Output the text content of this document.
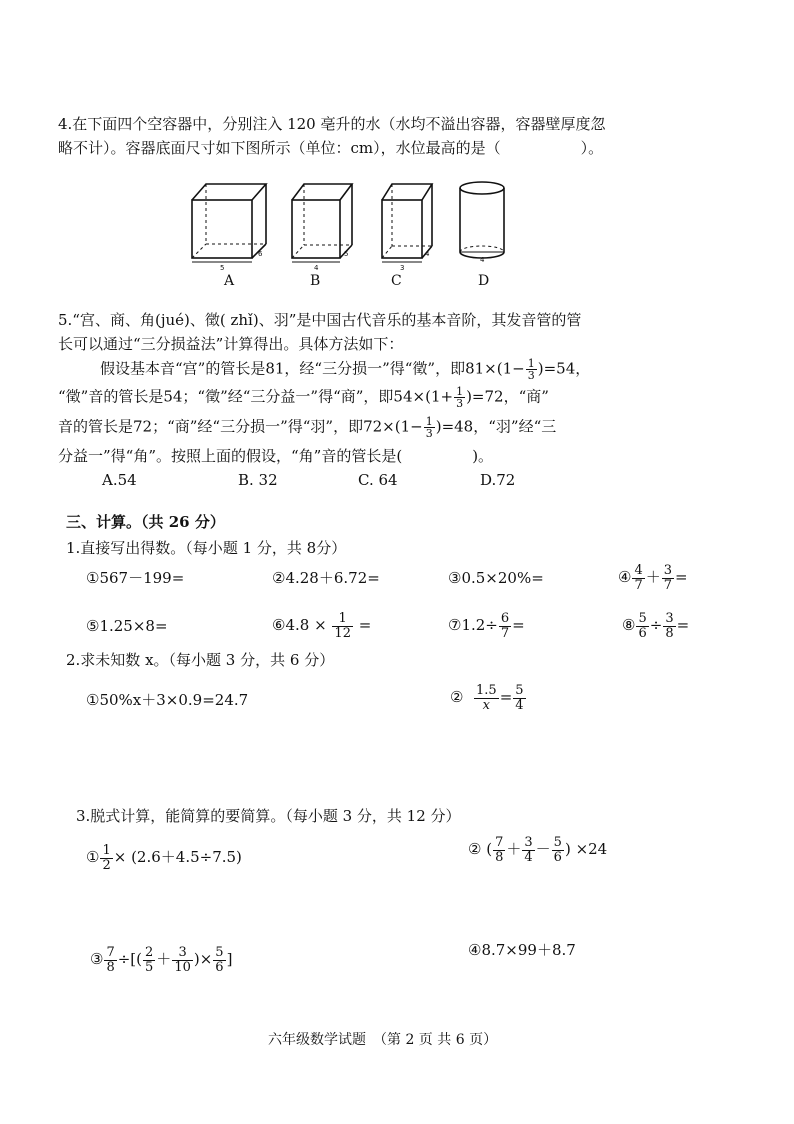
4.在下面四个空容器中，分别注入 120 亳升的水（水均不溢出容器，容器壁厚度忽
略不计）。容器底面尺寸如下图所示（单位：cm），水位最高的是（	）。
5
6
4
5
3
4
4
A	B	C	D
5.“宫、商、角(jué)、徵( zhǐ)、羽”是中国古代音乐的基本音阶，其发音管的管
长可以通过“三分损益法”计算得出。具体方法如下：
假设基本音“宫”的管长是81，经“三分损一”得“徵”，即$81\times(1- \frac{1}{3} )=54$，
“徵”音的管长是54；“徵”经“三分益一”得“商”，即$54\times(1+ \frac{1}{3} )=72$，“商”
音的管长是72；“商”经“三分损一”得“羽”，即$72\times(1- \frac{1}{3} )=48$，“羽”经“三
分益一”得“角”。按照上面的假设，“角”音的管长是(	)。
A.54	B. 32	C. 64	D.72
三、计算。（共 26 分）
1.直接写出得数。（每小题 1 分，共 8分）
①567－199=	②4.28＋6.72=	③0.5×20%=	④ $\frac{4}{7} + \frac{3}{7}$ =
⑤1.25×8=	⑥4.8 × $\frac{1}{12}$ =	⑦1.2÷ $\frac{6}{7}$ =	⑧ $\frac{5}{6} \div \frac{3}{8}$ =
2.求未知数 x。（每小题 3 分，共 6 分）
①50%x＋3×0.9=24.7	② $\frac{1.5}{x} = \frac{5}{4}$
3.脱式计算，能简算的要简算。（每小题 3 分，共 12 分）
① $\frac{1}{2} \times (2.6+4.5\div 7.5)$	② ( $\frac{7}{8} + \frac{3}{4} - \frac{5}{6}$ ) ×24
③ $\frac{7}{8}$ ÷[( $\frac{2}{5} + \frac{3}{10}$ )× $\frac{5}{6}$ ]	④8.7×99＋8.7
六年级数学试题　（第 2 页 共 6 页）
